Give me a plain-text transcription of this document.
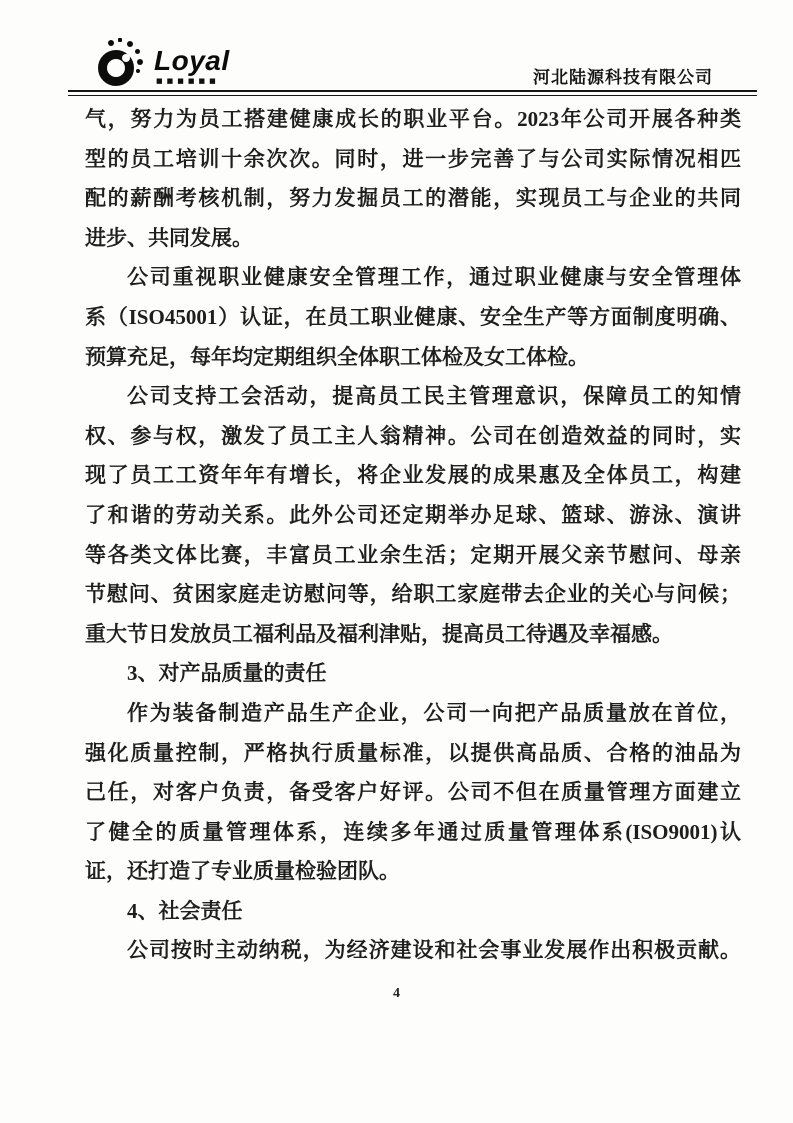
Loyal
■■■■■■	河北陆源科技有限公司
气，努力为员工搭建健康成长的职业平台。2023年公司开展各种类
型的员工培训十余次次。同时，进一步完善了与公司实际情况相匹
配的薪酬考核机制，努力发掘员工的潜能，实现员工与企业的共同
进步、共同发展。
公司重视职业健康安全管理工作，通过职业健康与安全管理体
系（ISO45001）认证，在员工职业健康、安全生产等方面制度明确、
预算充足，每年均定期组织全体职工体检及女工体检。
公司支持工会活动，提高员工民主管理意识，保障员工的知情
权、参与权，激发了员工主人翁精神。公司在创造效益的同时，实
现了员工工资年年有增长，将企业发展的成果惠及全体员工，构建
了和谐的劳动关系。此外公司还定期举办足球、篮球、游泳、演讲
等各类文体比赛，丰富员工业余生活；定期开展父亲节慰问、母亲
节慰问、贫困家庭走访慰问等，给职工家庭带去企业的关心与问候；
重大节日发放员工福利品及福利津贴，提高员工待遇及幸福感。
3、对产品质量的责任
作为装备制造产品生产企业，公司一向把产品质量放在首位，
强化质量控制，严格执行质量标准，以提供高品质、合格的油品为
己任，对客户负责，备受客户好评。公司不但在质量管理方面建立
了健全的质量管理体系，连续多年通过质量管理体系(ISO9001)认
证，还打造了专业质量检验团队。
4、社会责任
公司按时主动纳税，为经济建设和社会事业发展作出积极贡献。
4
